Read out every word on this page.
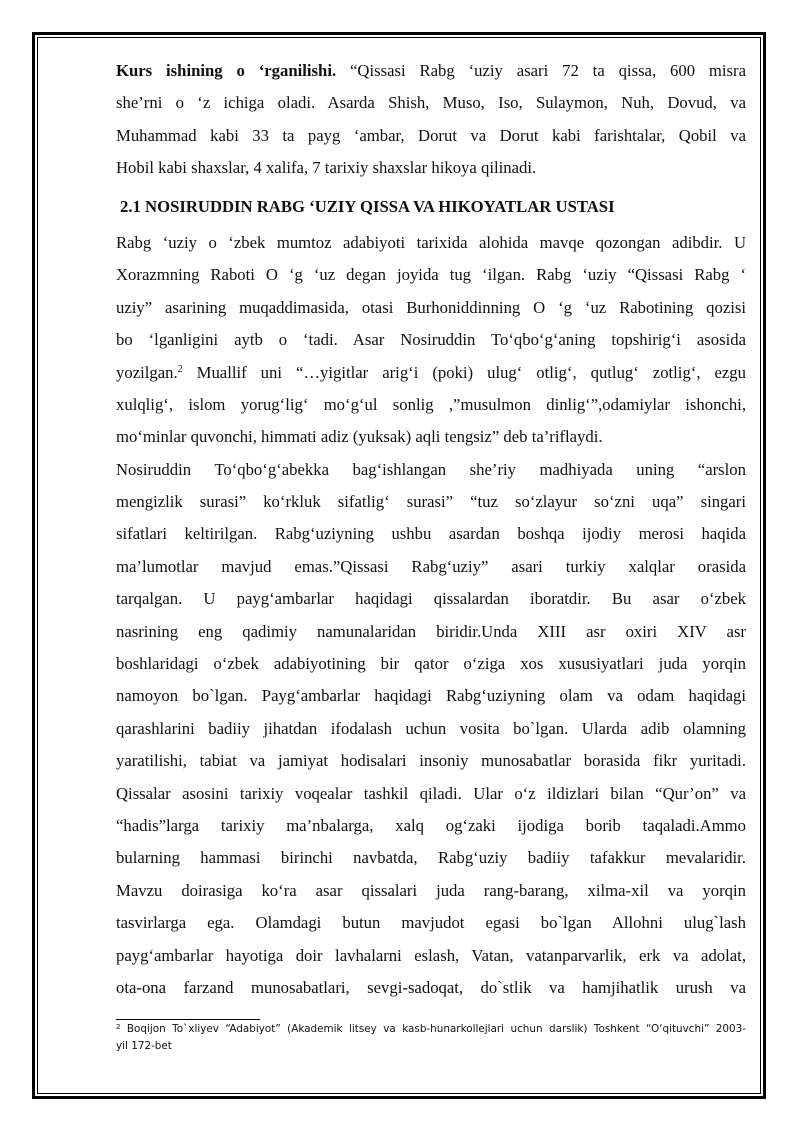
Kurs ishining o ‘rganilishi. “Qissasi Rabg ‘uziy asari 72 ta qissa, 600 misra
she’rni o ‘z ichiga oladi. Asarda Shish, Muso, Iso, Sulaymon, Nuh, Dovud, va
Muhammad kabi 33 ta payg ‘ambar, Dorut va Dorut kabi farishtalar, Qobil va
Hobil kabi shaxslar, 4 xalifa, 7 tarixiy shaxslar hikoya qilinadi.
2.1 NOSIRUDDIN RABG ‘UZIY QISSA VA HIKOYATLAR USTASI
Rabg ‘uziy o ‘zbek mumtoz adabiyoti tarixida alohida mavqe qozongan adibdir. U
Xorazmning Raboti O ‘g ‘uz degan joyida tug ‘ilgan. Rabg ‘uziy “Qissasi Rabg ‘
uziy” asarining muqaddimasida, otasi Burhoniddinning O ‘g ‘uz Rabotining qozisi
bo ‘lganligini aytb o ‘tadi. Asar Nosiruddin To‘qbo‘g‘aning topshirig‘i asosida
yozilgan.$^2$ Muallif uni “…yigitlar arig‘i (poki) ulug‘ otlig‘, qutlug‘ zotlig‘, ezgu
xulqlig‘, islom yorug‘lig‘ mo‘g‘ul sonlig ,”musulmon dinlig‘”,odamiylar ishonchi,
mo‘minlar quvonchi, himmati adiz (yuksak) aqli tengsiz” deb ta’riflaydi.
Nosiruddin To‘qbo‘g‘abekka bag‘ishlangan she’riy madhiyada uning “arslon
mengizlik surasi” ko‘rkluk sifatlig‘ surasi” “tuz so‘zlayur so‘zni uqa” singari
sifatlari keltirilgan. Rabg‘uziyning ushbu asardan boshqa ijodiy merosi haqida
ma’lumotlar mavjud emas.”Qissasi Rabg‘uziy” asari turkiy xalqlar orasida
tarqalgan. U payg‘ambarlar haqidagi qissalardan iboratdir. Bu asar o‘zbek
nasrining eng qadimiy namunalaridan biridir.Unda XIII asr oxiri XIV asr
boshlaridagi o‘zbek adabiyotining bir qator o‘ziga xos xususiyatlari juda yorqin
namoyon bo`lgan. Payg‘ambarlar haqidagi Rabg‘uziyning olam va odam haqidagi
qarashlarini badiiy jihatdan ifodalash uchun vosita bo`lgan. Ularda adib olamning
yaratilishi, tabiat va jamiyat hodisalari insoniy munosabatlar borasida fikr yuritadi.
Qissalar asosini tarixiy voqealar tashkil qiladi. Ular o‘z ildizlari bilan “Qur’on” va
“hadis”larga tarixiy ma’nbalarga, xalq og‘zaki ijodiga borib taqaladi.Ammo
bularning hammasi birinchi navbatda, Rabg‘uziy badiiy tafakkur mevalaridir.
Mavzu doirasiga ko‘ra asar qissalari juda rang-barang, xilma-xil va yorqin
tasvirlarga ega. Olamdagi butun mavjudot egasi bo`lgan Allohni ulug`lash
payg‘ambarlar hayotiga doir lavhalarni eslash, Vatan, vatanparvarlik, erk va adolat,
ota-ona farzand munosabatlari, sevgi-sadoqat, do`stlik va hamjihatlik urush va
$^2$ Boqijon To`xliyev “Adabiyot” (Akademik litsey va kasb-hunarkollejlari uchun darslik) Toshkent “O‘qituvchi” 2003-
yil 172-bet
